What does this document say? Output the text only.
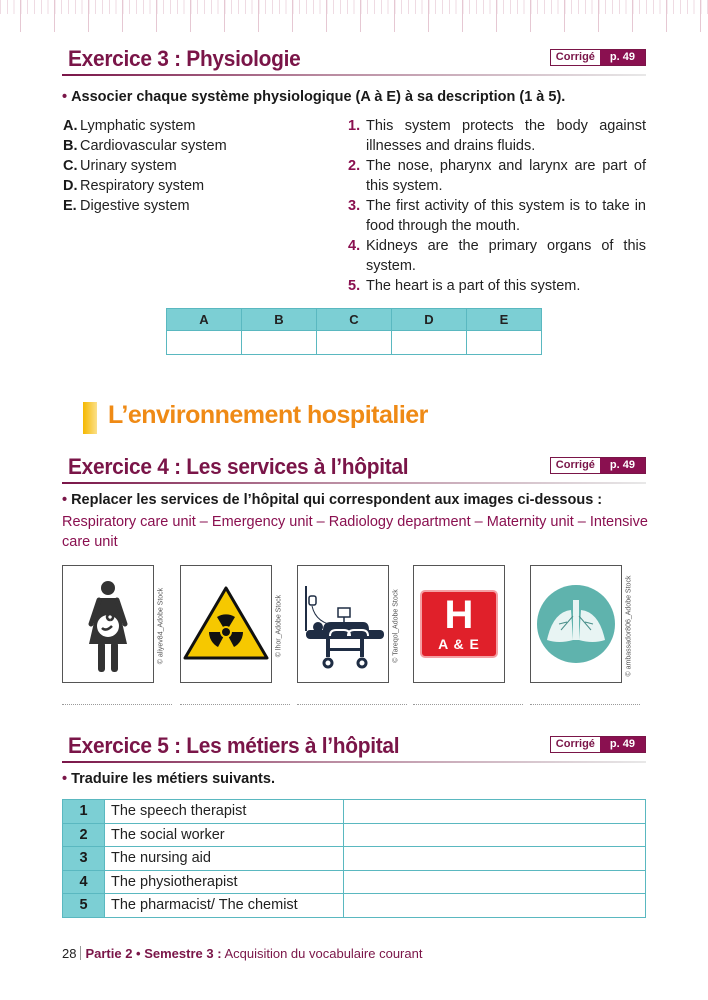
Exercice 3 : Physiologie	Corrigé	p. 49
• Associer chaque système physiologique (A à E) à sa description (1 à 5).
A. Lymphatic system
B. Cardiovascular system
C. Urinary system
D. Respiratory system
E. Digestive system
1. This system protects the body against illnesses and drains fluids.
2. The nose, pharynx and larynx are part of this system.
3. The first activity of this system is to take in food through the mouth.
4. Kidneys are the primary organs of this system.
5. The heart is a part of this system.
A	B	C	D	E

L’environnement hospitalier
Exercice 4 : Les services à l’hôpital	Corrigé	p. 49
• Replacer les services de l’hôpital qui correspondent aux images ci-dessous :
Respiratory care unit – Emergency unit – Radiology department – Maternity unit – Intensive care unit
© aliyev84_Adobe Stock	© lhor_Adobe Stock	© Tareqol_Adobe Stock	H
A & E	© ambassador806_Adobe Stock
Exercice 5 : Les métiers à l’hôpital	Corrigé	p. 49
• Traduire les métiers suivants.
1	The speech therapist	
2	The social worker	
3	The nursing aid	
4	The physiotherapist	
5	The pharmacist/ The chemist	
28 Partie 2 • Semestre 3 : Acquisition du vocabulaire courant
